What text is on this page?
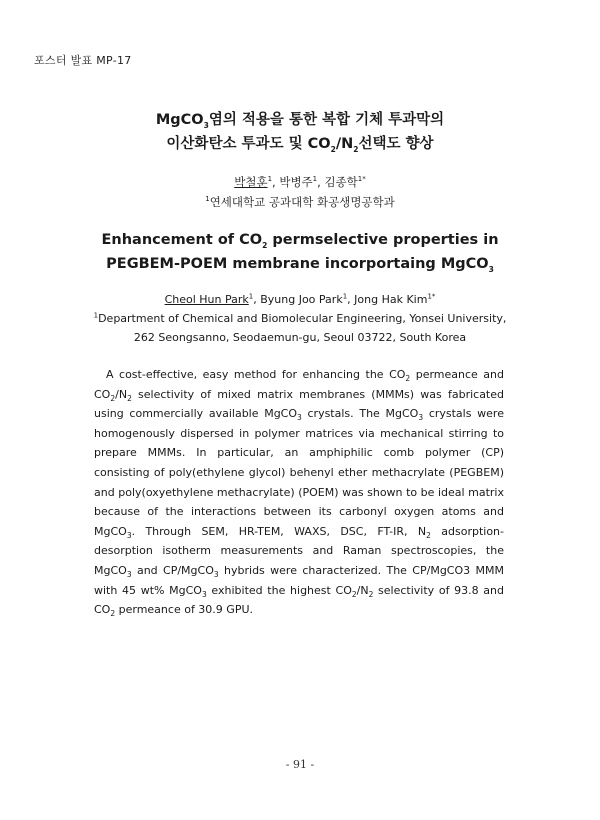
포스터 발표 MP-17
MgCO$_3$염의 적용을 통한 복합 기체 투과막의
이산화탄소 투과도 및 $CO_2/N_2$선택도 향상
박철훈$^1$, 박병주$^1$, 김종학$^{1*}$
$^1$연세대학교 공과대학 화공생명공학과
Enhancement of $CO_2$ permselective properties in
PEGBEM-POEM membrane incorportaing MgCO$_3$
Cheol Hun Park$^1$, Byung Joo Park$^1$, Jong Hak Kim$^{1*}$
$^1$Department of Chemical and Biomolecular Engineering, Yonsei University,
262 Seongsanno, Seodaemun-gu, Seoul 03722, South Korea
A cost-effective, easy method for enhancing the $CO_2$ permeance and $CO_2/N_2$ selectivity of mixed matrix membranes (MMMs) was fabricated using commercially available MgCO$_3$ crystals. The MgCO$_3$ crystals were homogenously dispersed in polymer matrices via mechanical stirring to prepare MMMs. In particular, an amphiphilic comb polymer (CP) consisting of poly(ethylene glycol) behenyl ether methacrylate (PEGBEM) and poly(oxyethylene methacrylate) (POEM) was shown to be ideal matrix because of the interactions between its carbonyl oxygen atoms and MgCO$_3$. Through SEM, HR-TEM, WAXS, DSC, FT-IR, $N_2$ adsorption-desorption isotherm measurements and Raman spectroscopies, the MgCO$_3$ and CP/MgCO$_3$ hybrids were characterized. The CP/MgCO3 MMM with 45 wt% MgCO$_3$ exhibited the highest $CO_2/N_2$ selectivity of 93.8 and $CO_2$ permeance of 30.9 GPU.
- 91 -
